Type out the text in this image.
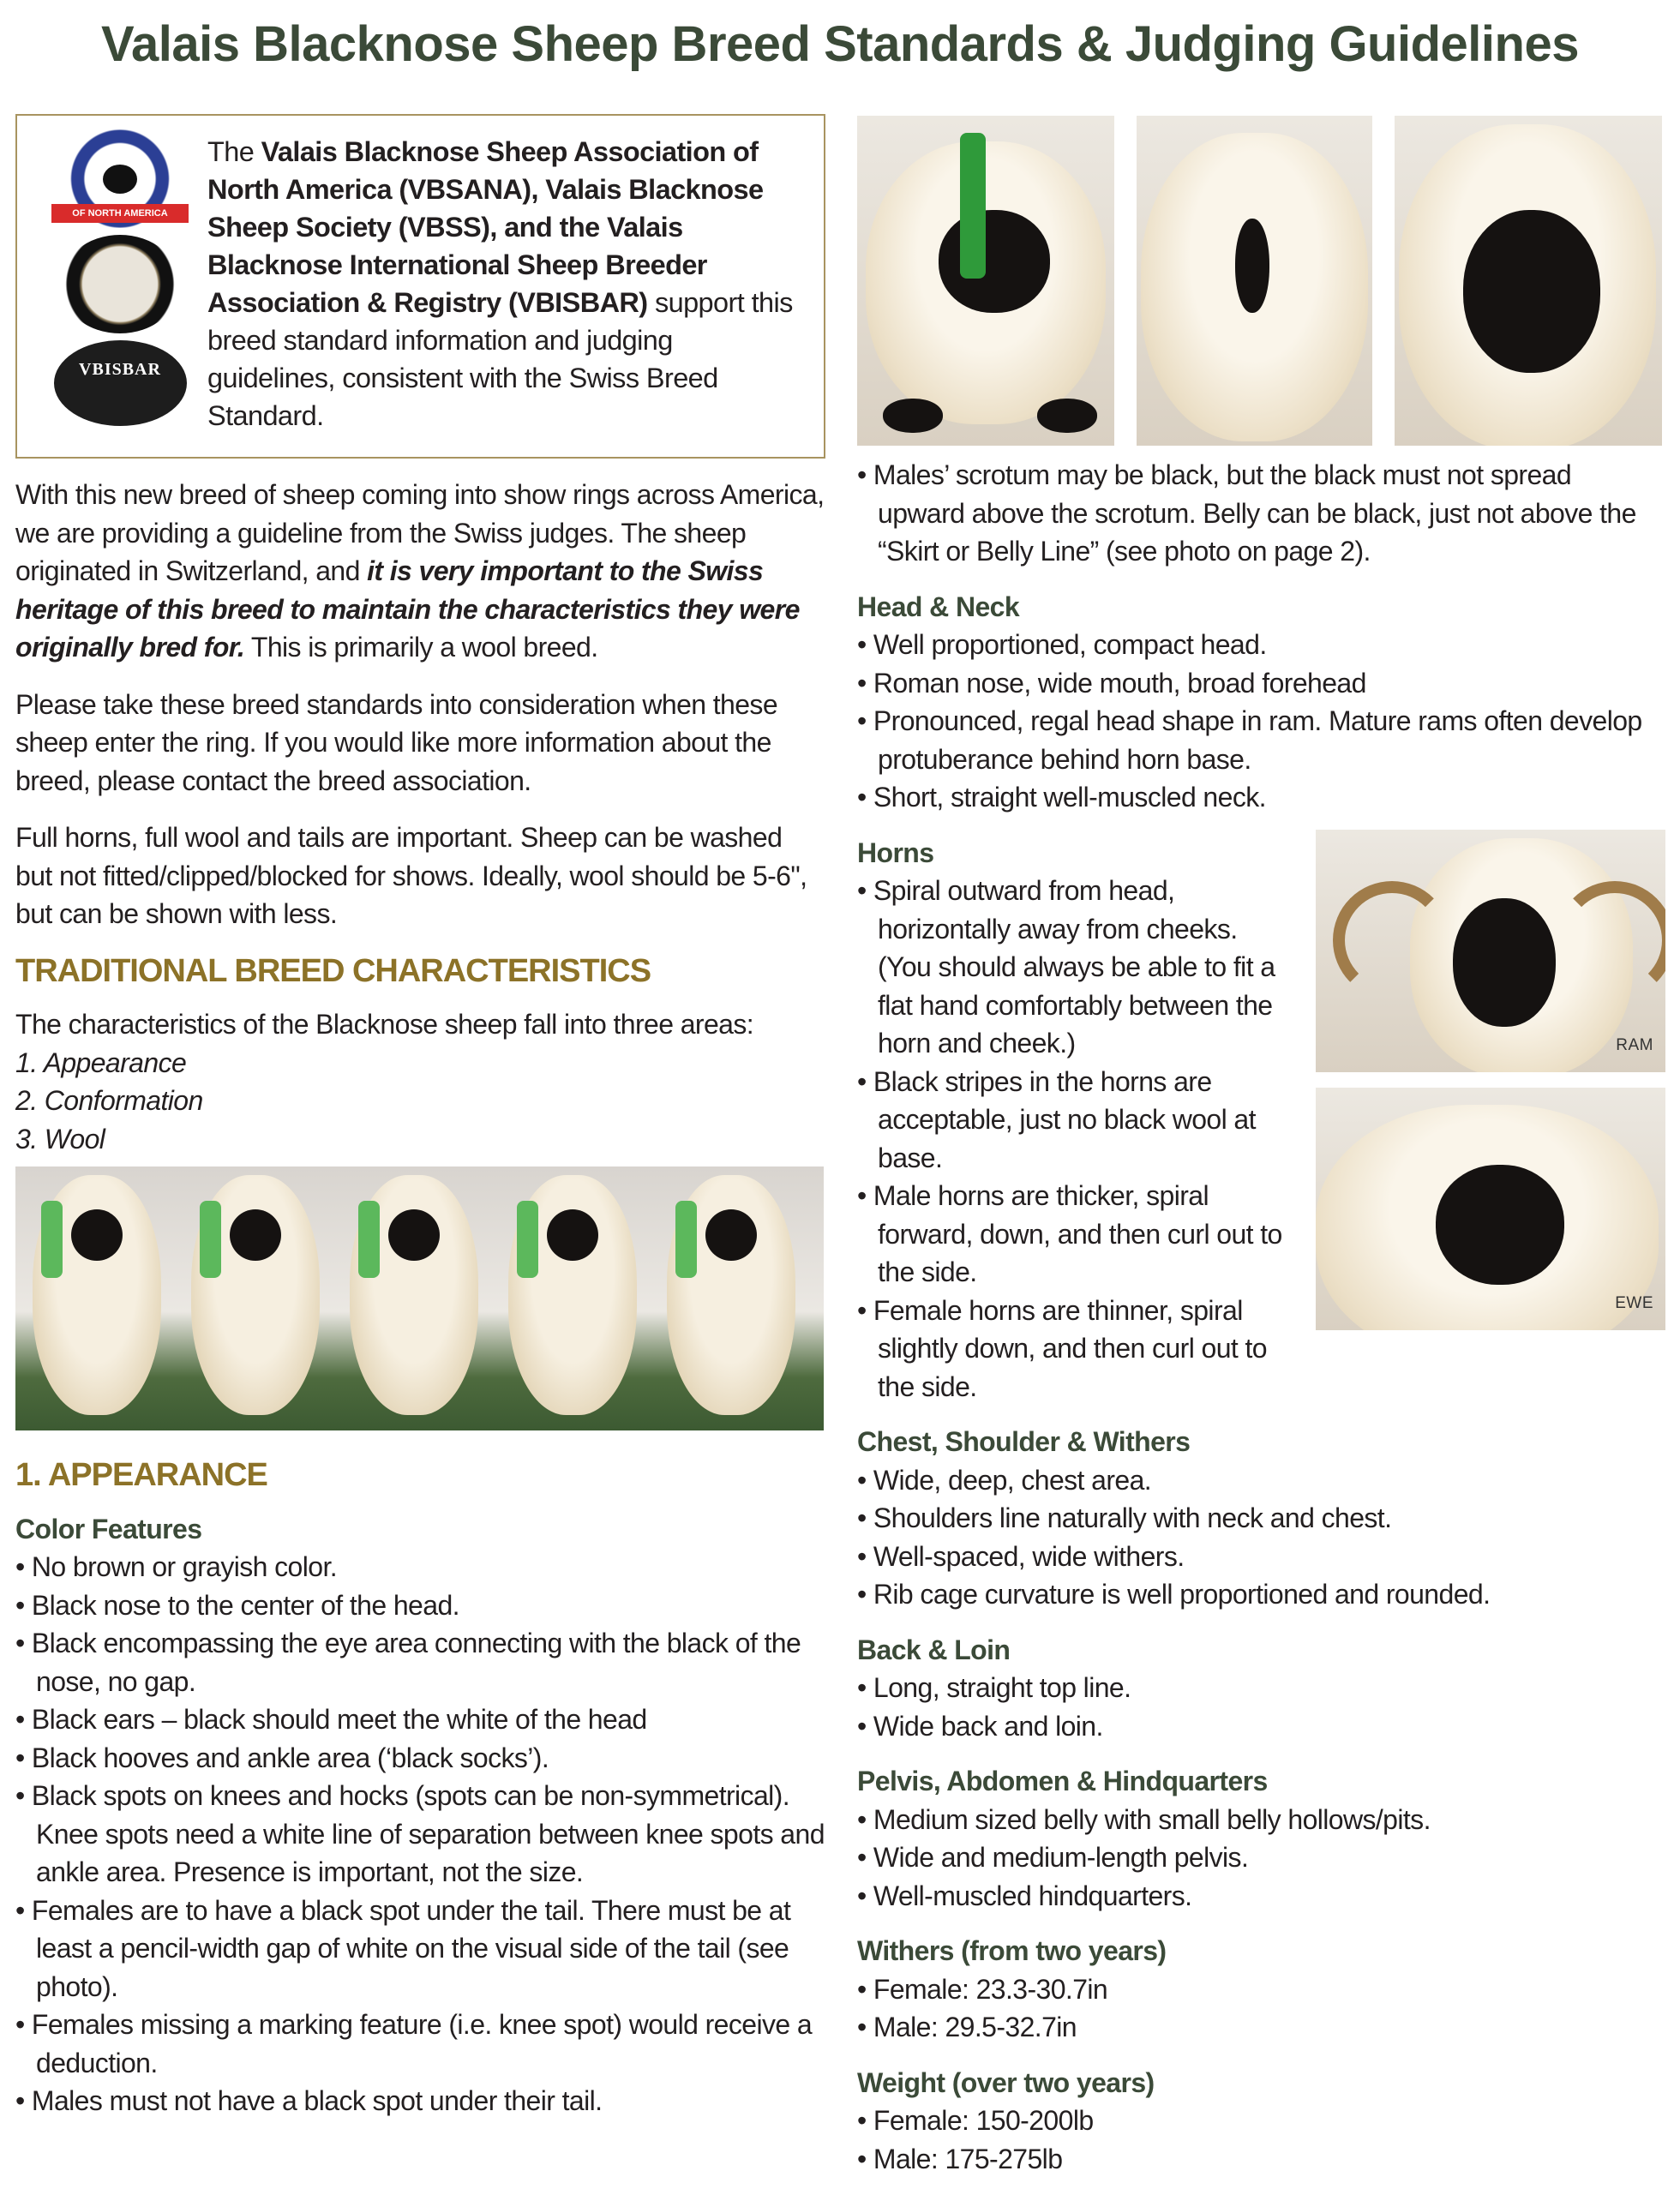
Valais Blacknose Sheep Breed Standards & Judging Guidelines
OF NORTH AMERICA
VBISBAR
The Valais Blacknose Sheep Association of North America (VBSANA), Valais Blacknose Sheep Society (VBSS), and the Valais Blacknose International Sheep Breeder Association & Registry (VBISBAR) support this breed standard information and judging guidelines, consistent with the Swiss Breed Standard.

With this new breed of sheep coming into show rings across America, we are providing a guideline from the Swiss judges. The sheep originated in Switzerland, and it is very important to the Swiss heritage of this breed to maintain the characteristics they were originally bred for. This is primarily a wool breed.

Please take these breed standards into consideration when these sheep enter the ring. If you would like more information about the breed, please contact the breed association.

Full horns, full wool and tails are important. Sheep can be washed but not fitted/clipped/blocked for shows. Ideally, wool should be 5-6", but can be shown with less.

TRADITIONAL BREED CHARACTERISTICS
The characteristics of the Blacknose sheep fall into three areas:
1. Appearance
2. Conformation
3. Wool
1. APPEARANCE
Color Features
• No brown or grayish color.
• Black nose to the center of the head.
• Black encompassing the eye area connecting with the black of the nose, no gap.
• Black ears – black should meet the white of the head
• Black hooves and ankle area (‘black socks’).
• Black spots on knees and hocks (spots can be non-symmetrical). Knee spots need a white line of separation between knee spots and ankle area. Presence is important, not the size.
• Females are to have a black spot under the tail. There must be at least a pencil-width gap of white on the visual side of the tail (see photo).
• Females missing a marking feature (i.e. knee spot) would receive a deduction.
• Males must not have a black spot under their tail.
• Males’ scrotum may be black, but the black must not spread upward above the scrotum. Belly can be black, just not above the “Skirt or Belly Line” (see photo on page 2).
Head & Neck
• Well proportioned, compact head.
• Roman nose, wide mouth, broad forehead
• Pronounced, regal head shape in ram. Mature rams often develop protuberance behind horn base.
• Short, straight well-muscled neck.
Horns
• Spiral outward from head, horizontally away from cheeks. (You should always be able to fit a flat hand comfortably between the horn and cheek.)
• Black stripes in the horns are acceptable, just no black wool at base.
• Male horns are thicker, spiral forward, down, and then curl out to the side.
• Female horns are thinner, spiral slightly down, and then curl out to the side.
RAM
EWE
Chest, Shoulder & Withers
• Wide, deep, chest area.
• Shoulders line naturally with neck and chest.
• Well-spaced, wide withers.
• Rib cage curvature is well proportioned and rounded.
Back & Loin
• Long, straight top line.
• Wide back and loin.
Pelvis, Abdomen & Hindquarters
• Medium sized belly with small belly hollows/pits.
• Wide and medium-length pelvis.
• Well-muscled hindquarters.
Withers (from two years)
• Female: 23.3-30.7in
• Male: 29.5-32.7in
Weight (over two years)
• Female: 150-200lb
• Male: 175-275lb
